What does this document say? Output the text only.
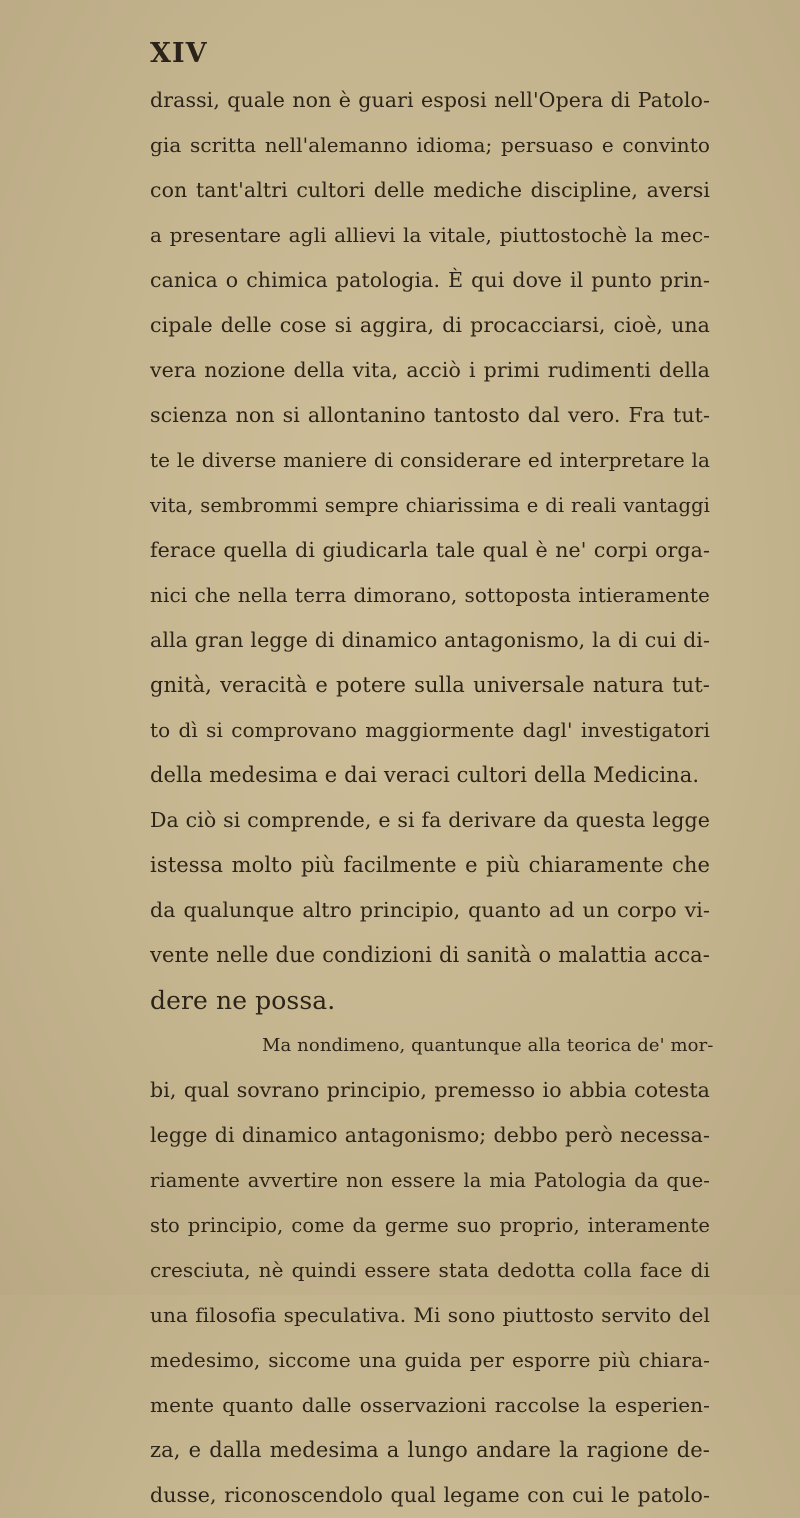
XIV
drassi, quale non è guari esposi nell'Opera di Patolo-
gia scritta nell'alemanno idioma; persuaso e convinto
con tant'altri cultori delle mediche discipline, aversi
a presentare agli allievi la vitale, piuttostochè la mec-
canica o chimica patologia. È qui dove il punto prin-
cipale delle cose si aggira, di procacciarsi, cioè, una
vera nozione della vita, acciò i primi rudimenti della
scienza non si allontanino tantosto dal vero. Fra tut-
te le diverse maniere di considerare ed interpretare la
vita, sembrommi sempre chiarissima e di reali vantaggi
ferace quella di giudicarla tale qual è ne' corpi orga-
nici che nella terra dimorano, sottoposta intieramente
alla gran legge di dinamico antagonismo, la di cui di-
gnità, veracità e potere sulla universale natura tut-
to dì si comprovano maggiormente dagl' investigatori
della medesima e dai veraci cultori della Medicina.
Da ciò si comprende, e si fa derivare da questa legge
istessa molto più facilmente e più chiaramente che
da qualunque altro principio, quanto ad un corpo vi-
vente nelle due condizioni di sanità o malattia acca-
dere ne possa.
Ma nondimeno, quantunque alla teorica de' mor-
bi, qual sovrano principio, premesso io abbia cotesta
legge di dinamico antagonismo; debbo però necessa-
riamente avvertire non essere la mia Patologia da que-
sto principio, come da germe suo proprio, interamente
cresciuta, nè quindi essere stata dedotta colla face di
una filosofia speculativa. Mi sono piuttosto servito del
medesimo, siccome una guida per esporre più chiara-
mente quanto dalle osservazioni raccolse la esperien-
za, e dalla medesima a lungo andare la ragione de-
dusse, riconoscendolo qual legame con cui le patolo-
